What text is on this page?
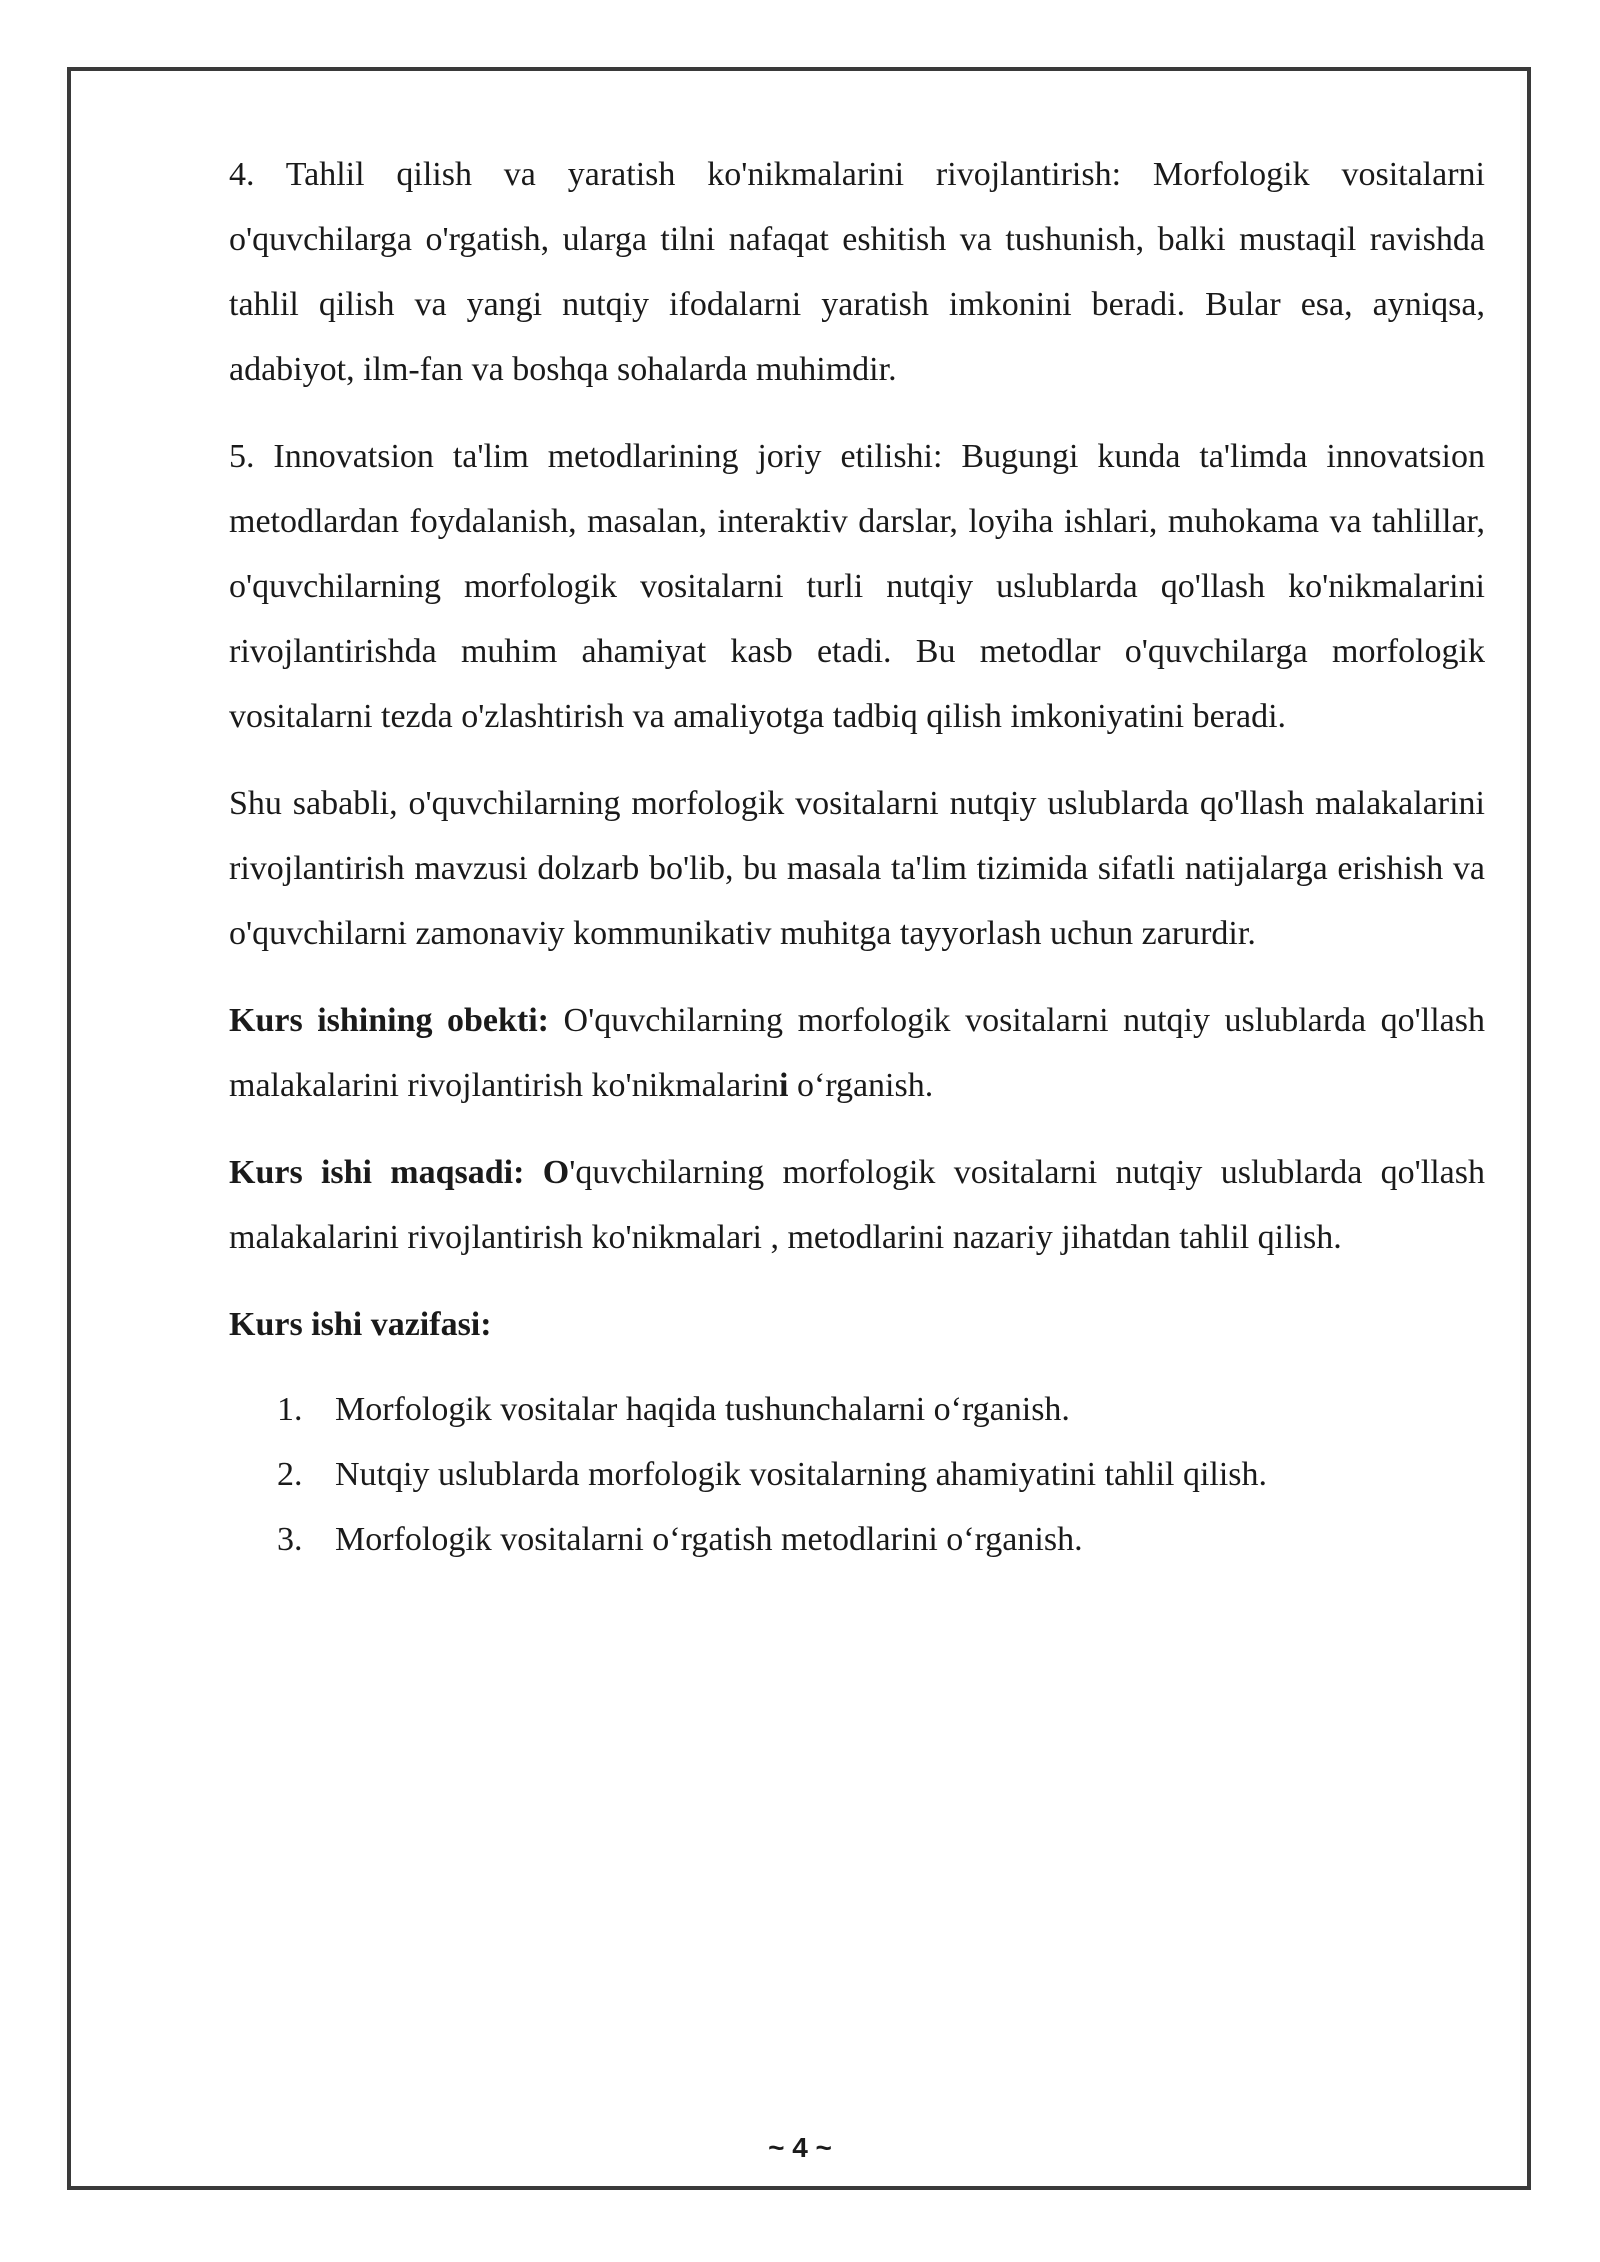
4. Tahlil qilish va yaratish ko'nikmalarini rivojlantirish: Morfologik vositalarni o'quvchilarga o'rgatish, ularga tilni nafaqat eshitish va tushunish, balki mustaqil ravishda tahlil qilish va yangi nutqiy ifodalarni yaratish imkonini beradi. Bular esa, ayniqsa, adabiyot, ilm-fan va boshqa sohalarda muhimdir.

5. Innovatsion ta'lim metodlarining joriy etilishi: Bugungi kunda ta'limda innovatsion metodlardan foydalanish, masalan, interaktiv darslar, loyiha ishlari, muhokama va tahlillar, o'quvchilarning morfologik vositalarni turli nutqiy uslublarda qo'llash ko'nikmalarini rivojlantirishda muhim ahamiyat kasb etadi. Bu metodlar o'quvchilarga morfologik vositalarni tezda o'zlashtirish va amaliyotga tadbiq qilish imkoniyatini beradi.

Shu sababli, o'quvchilarning morfologik vositalarni nutqiy uslublarda qo'llash malakalarini rivojlantirish mavzusi dolzarb bo'lib, bu masala ta'lim tizimida sifatli natijalarga erishish va o'quvchilarni zamonaviy kommunikativ muhitga tayyorlash uchun zarurdir.

Kurs ishining obekti: O'quvchilarning morfologik vositalarni nutqiy uslublarda qo'llash malakalarini rivojlantirish ko'nikmalarini o‘rganish.

Kurs ishi maqsadi: O'quvchilarning morfologik vositalarni nutqiy uslublarda qo'llash malakalarini rivojlantirish ko'nikmalari , metodlarini nazariy jihatdan tahlil qilish.

Kurs ishi vazifasi:
1. Morfologik vositalar haqida tushunchalarni o‘rganish.
2. Nutqiy uslublarda morfologik vositalarning ahamiyatini tahlil qilish.
3. Morfologik vositalarni o‘rgatish metodlarini o‘rganish.
~ 4 ~
